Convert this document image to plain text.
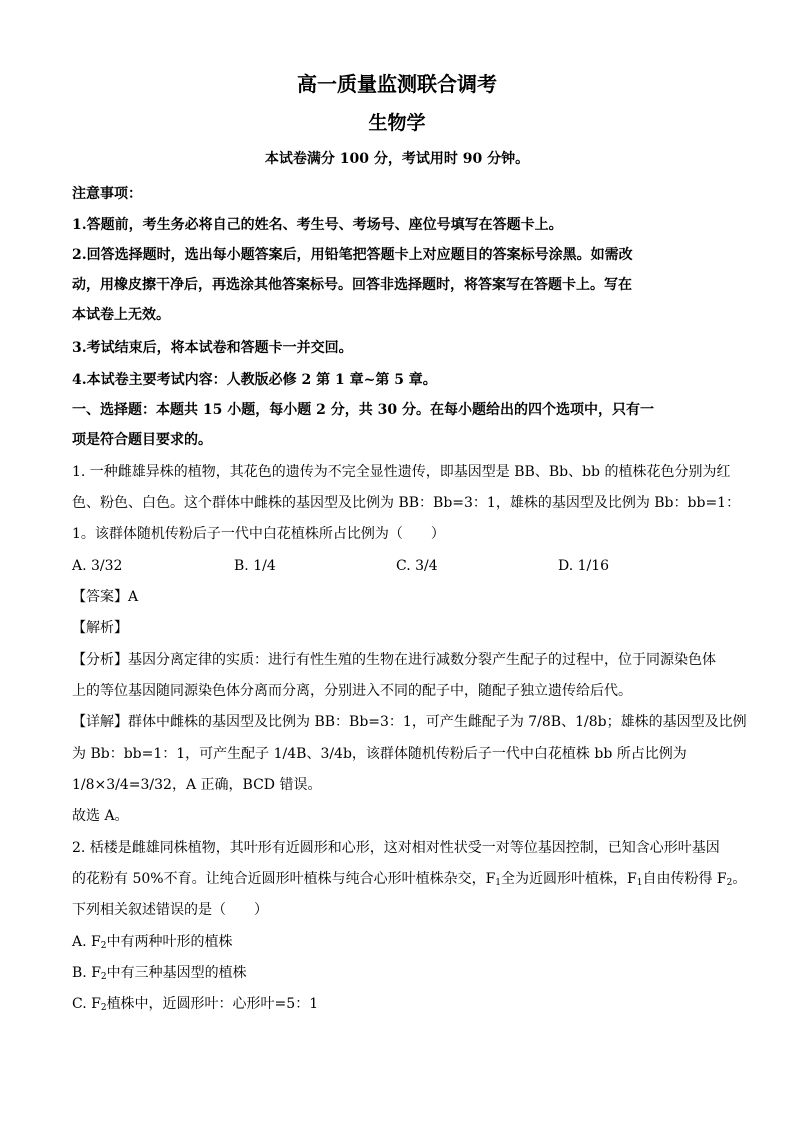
高一质量监测联合调考
生物学
本试卷满分 100 分，考试用时 90 分钟。
注意事项：
1.答题前，考生务必将自己的姓名、考生号、考场号、座位号填写在答题卡上。
2.回答选择题时，选出每小题答案后，用铅笔把答题卡上对应题目的答案标号涂黑。如需改
动，用橡皮擦干净后，再选涂其他答案标号。回答非选择题时，将答案写在答题卡上。写在
本试卷上无效。
3.考试结束后，将本试卷和答题卡一并交回。
4.本试卷主要考试内容：人教版必修 2 第 1 章~第 5 章。
一、选择题：本题共 15 小题，每小题 2 分，共 30 分。在每小题给出的四个选项中，只有一
项是符合题目要求的。
1. 一种雌雄异株的植物，其花色的遗传为不完全显性遗传，即基因型是 BB、Bb、bb 的植株花色分别为红
色、粉色、白色。这个群体中雌株的基因型及比例为 BB：Bb=3：1，雄株的基因型及比例为 Bb：bb=1：
1。该群体随机传粉后子一代中白花植株所占比例为（　　）
A. 3/32	B. 1/4	C. 3/4	D. 1/16
【答案】A
【解析】
【分析】基因分离定律的实质：进行有性生殖的生物在进行减数分裂产生配子的过程中，位于同源染色体
上的等位基因随同源染色体分离而分离，分别进入不同的配子中，随配子独立遗传给后代。
【详解】群体中雌株的基因型及比例为 BB：Bb=3：1，可产生雌配子为 7/8B、1/8b；雄株的基因型及比例
为 Bb：bb=1：1，可产生配子 1/4B、3/4b，该群体随机传粉后子一代中白花植株 bb 所占比例为
1/8×3/4=3/32，A 正确，BCD 错误。
故选 A。
2. 栝楼是雌雄同株植物，其叶形有近圆形和心形，这对相对性状受一对等位基因控制，已知含心形叶基因
的花粉有 50%不育。让纯合近圆形叶植株与纯合心形叶植株杂交，$F_1$全为近圆形叶植株，$F_1$自由传粉得 $F_2$。
下列相关叙述错误的是（　　）
A. $F_2$中有两种叶形的植株
B. $F_2$中有三种基因型的植株
C. $F_2$植株中，近圆形叶：心形叶=5：1
